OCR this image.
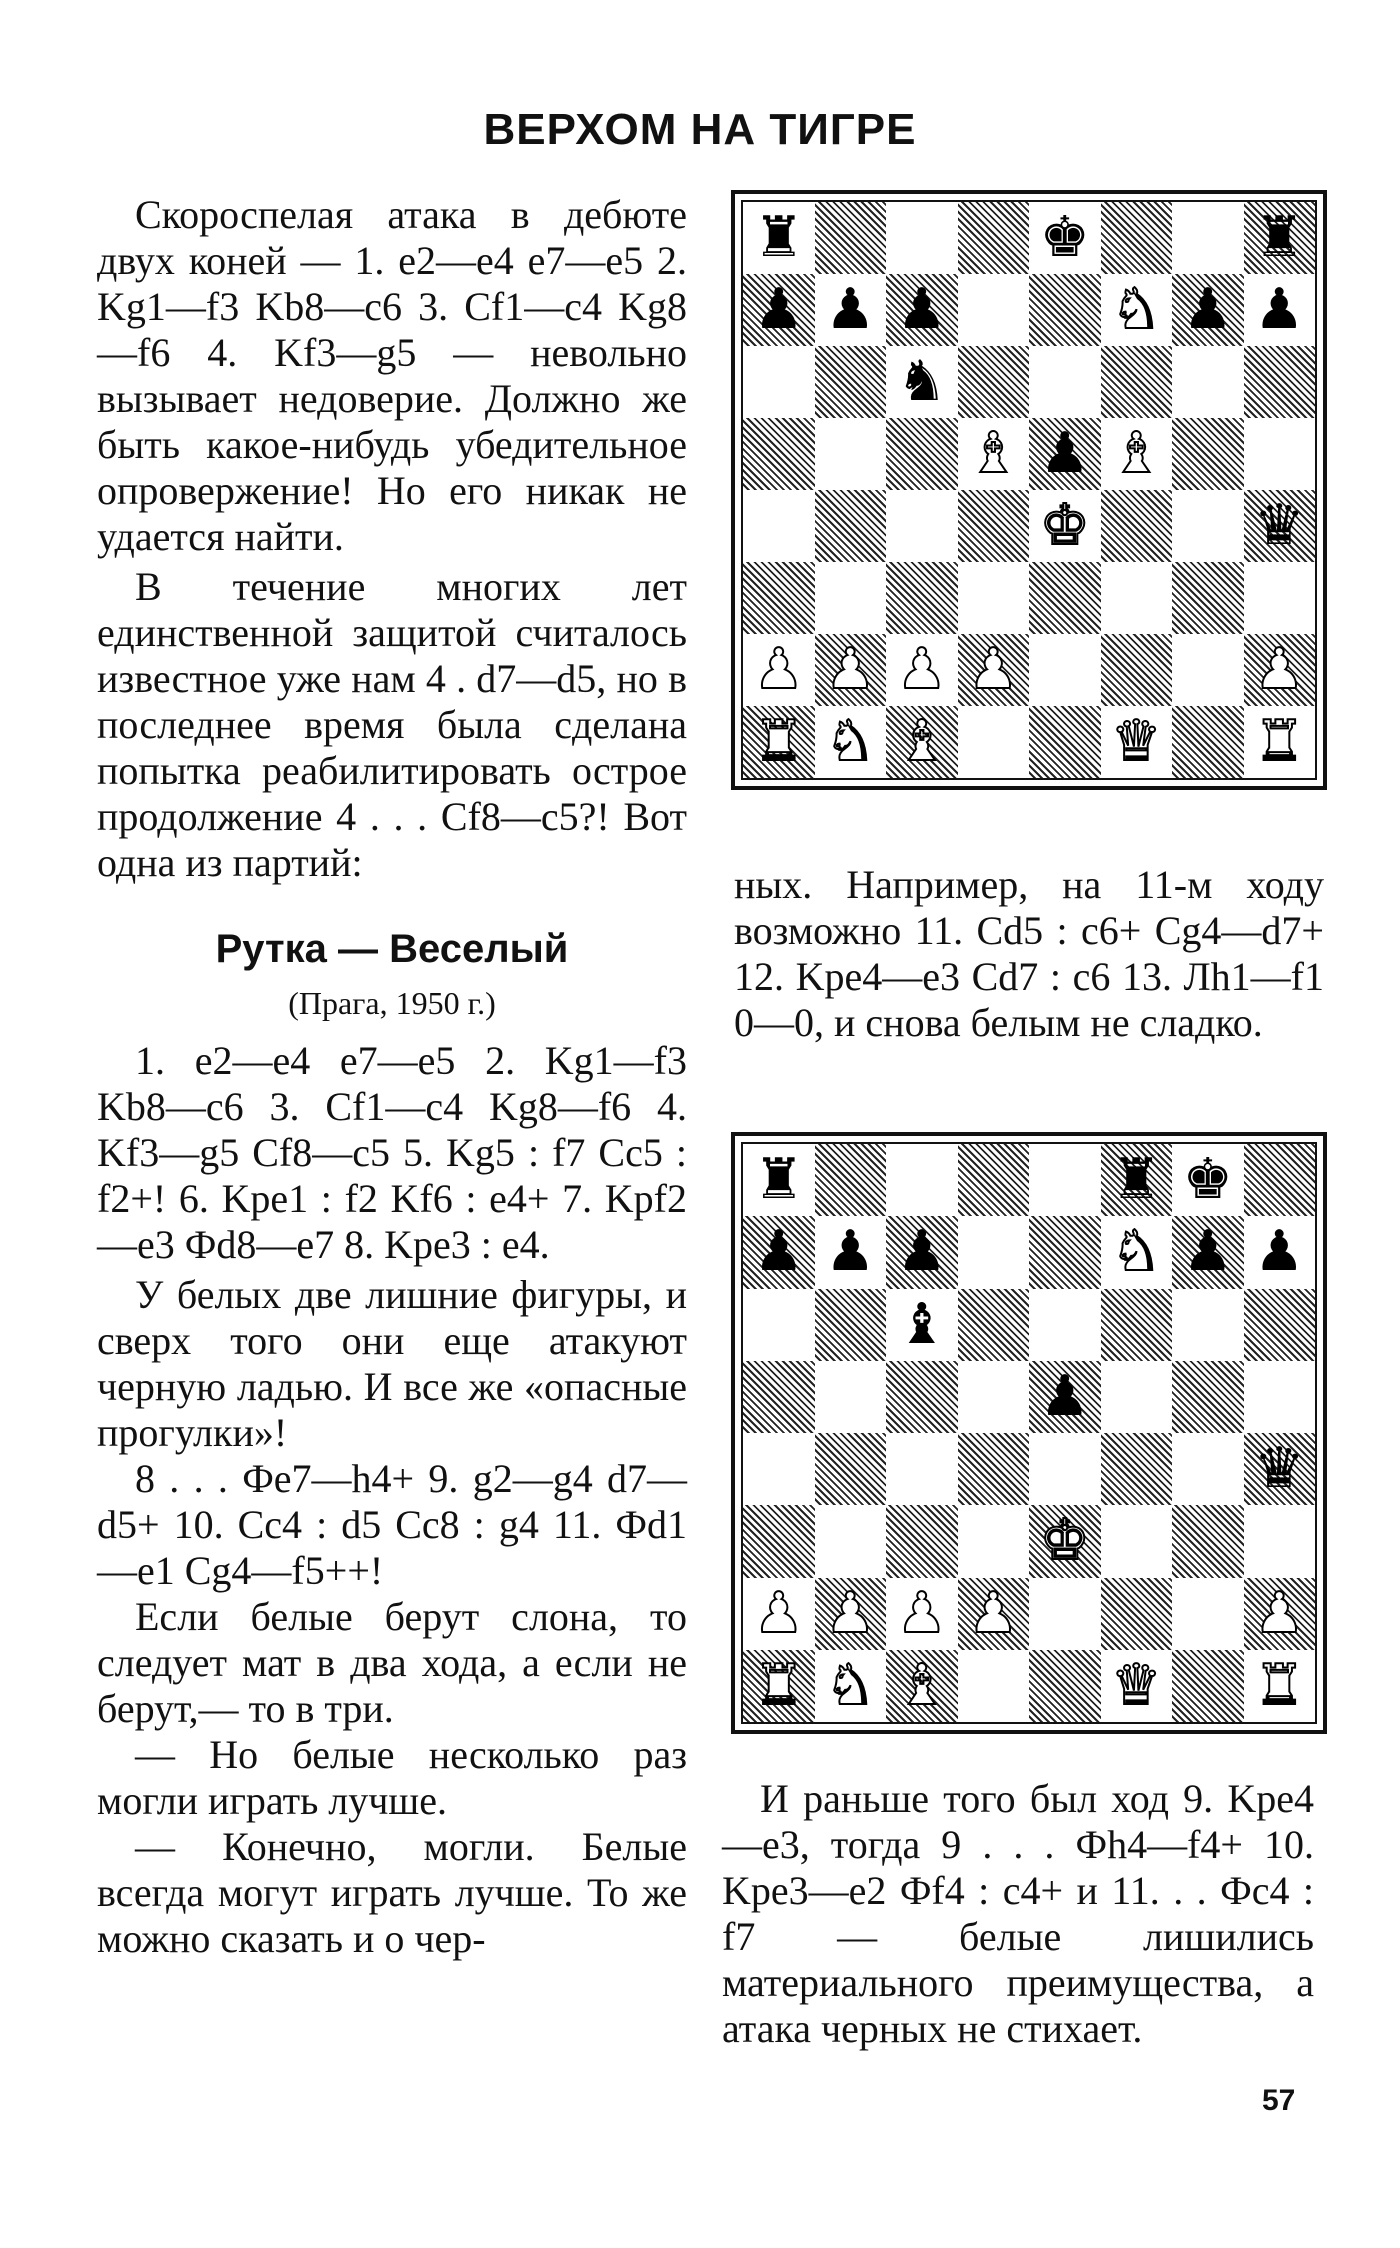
ВЕРХОМ НА ТИГРЕ

Скороспелая атака в дебюте двух коней — 1. e2—e4 e7—e5 2. Kg1—f3 Kb8—c6 3. Cf1—c4 Kg8—f6 4. Kf3—g5 — невольно вызывает недоверие. Должно же быть какое-нибудь убедительное опровержение! Но его никак не удается найти.

В течение многих лет единственной защитой считалось известное уже нам 4 . d7—d5, но в последнее время была сделана попытка реабилитировать острое продолжение 4 . . . Cf8—c5?! Вот одна из партий:

Рутка — Веселый

(Прага, 1950 г.)

1. e2—e4 e7—e5 2. Kg1—f3 Kb8—c6 3. Cf1—c4 Kg8—f6 4. Kf3—g5 Cf8—c5 5. Kg5 : f7 Cc5 : f2+! 6. Kpe1 : f2 Kf6 : e4+ 7. Kpf2—e3 Фd8—e7 8. Kpe3 : e4.

У белых две лишние фигуры, и сверх того они еще атакуют черную ладью. И все же «опасные прогулки»!

8 . . . Фe7—h4+ 9. g2—g4 d7—d5+ 10. Cc4 : d5 Cc8 : g4 11. Фd1—e1 Cg4—f5++!

Если белые берут слона, то следует мат в два хода, а если не берут,— то в три.

— Но белые несколько раз могли играть лучше.

— Конечно, могли. Белые всегда могут играть лучше. То же можно сказать и о чер-

♜	♚	♜
♟ ♟ ♟	♞ ♟ ♟
♞
♝ ♟ ♝
♚	♛
♟ ♟ ♟ ♟	♟
♜ ♞ ♝	♛ ♜

ных. Например, на 11-м ходу возможно 11. Cd5 : c6+ Cg4—d7+ 12. Kpe4—e3 Cd7 : c6 13. Лh1—f1 0—0, и снова белым не сладко.

♜	♜ ♚
♟ ♟ ♟	♞ ♟ ♟
♝
♟
♛
♚
♟ ♟ ♟ ♟	♟
♜ ♞ ♝	♛ ♜

И раньше того был ход 9. Kpe4—e3, тогда 9 . . . Фh4—f4+ 10. Kpe3—e2 Фf4 : c4+ и 11. . . Фc4 : f7 — белые лишились материального преимущества, а атака черных не стихает.

57
